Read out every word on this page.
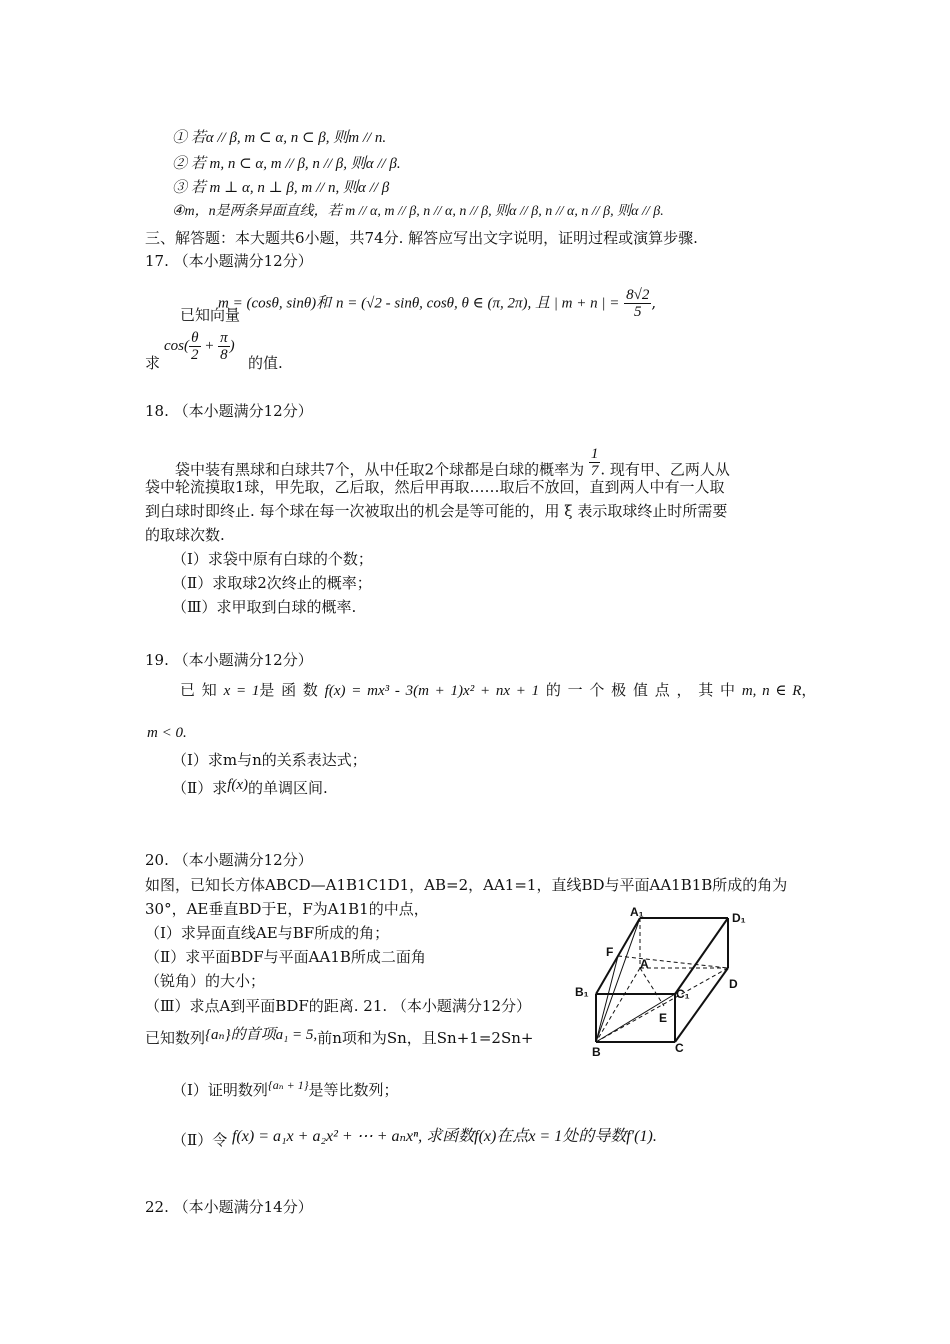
① 若α // β, m ⊂ α, n ⊂ β, 则m // n.
② 若 m, n ⊂ α, m // β, n // β, 则α // β.
③ 若 m ⊥ α, n ⊥ β, m // n, 则α // β
④m，n是两条异面直线，若 m // α, m // β, n // α, n // β, 则α // β, n // α, n // β, 则α // β.
三、解答题：本大题共6小题，共74分. 解答应写出文字说明，证明过程或演算步骤.
17. （本小题满分12分）
m = (cosθ, sinθ)和 n = (√2 - sinθ, cosθ, θ ∈ (π, 2π), 且 | m + n | = $\frac{8√2}{5}$ ,
已知向量
$\cos( \frac{\theta}{2} + \frac{\pi}{8}$ )
求	的值.
18. （本小题满分12分）
袋中装有黑球和白球共7个，从中任取2个球都是白球的概率为 $\frac{1}{7}$ . 现有甲、乙两人从
袋中轮流摸取1球，甲先取，乙后取，然后甲再取……取后不放回，直到两人中有一人取
到白球时即终止. 每个球在每一次被取出的机会是等可能的，用 ξ 表示取球终止时所需要
的取球次数.
（Ⅰ）求袋中原有白球的个数；
（Ⅱ）求取球2次终止的概率；
（Ⅲ）求甲取到白球的概率.
19. （本小题满分12分）
已 知 x = 1是 函 数 f(x) = mx³ - 3(m + 1)x² + nx + 1 的 一 个 极 值 点 ， 其 中 m, n ∈ R，
m < 0.
（Ⅰ）求m与n的关系表达式；
（Ⅱ）求f(x)的单调区间.
20. （本小题满分12分）
如图，已知长方体ABCD—A1B1C1D1，AB=2，AA1=1，直线BD与平面AA1B1B所成的角为
30°，AE垂直BD于E，F为A1B1的中点，
（Ⅰ）求异面直线AE与BF所成的角；
（Ⅱ）求平面BDF与平面AA1B所成二面角
（锐角）的大小；
（Ⅲ）求点A到平面BDF的距离. 21. （本小题满分12分）
已知数列{aₙ}的首项a₁ = 5,前n项和为Sn，且Sn+1=2Sn+
（Ⅰ）证明数列$^{\{a_n + 1\}}$是等比数列；
（Ⅱ）令 f(x) = a₁x + a₂x² + ⋯ + aₙxⁿ, 求函数f(x)在点x = 1处的导数f′(1).
22. （本小题满分14分）
A₁	D₁
F
A
B₁	C₁
D
E
B	C
